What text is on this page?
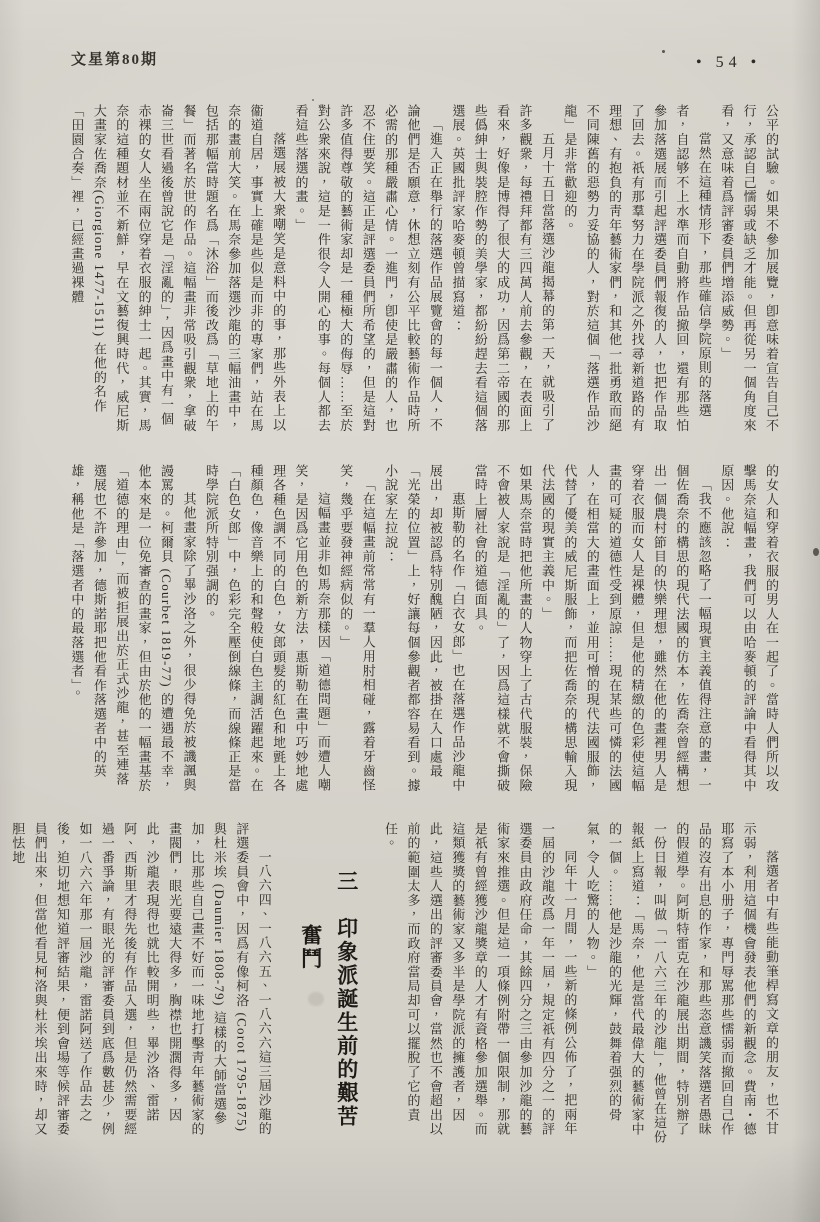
文星第80期	• 54 •

公平的試驗。如果不參加展覽，卽意味着宣告自己不行，承認自己懦弱或缺乏才能。但再從另一個角度來看，又意味着爲評審委員們增添威勢。」

當然在這種情形下，那些確信學院原則的落選者，自認够不上水準而自動將作品撤回，還有那些怕參加落選展而引起評選委員們報復的人，也把作品取了回去。祇有那羣努力在學院派之外找尋新道路的有理想、有抱負的靑年藝術家們，和其他一批勇敢而絕不同陳舊的惡勢力妥協的人，對於這個「落選作品沙龍」是非常歡迎的。

五月十五日當落選沙龍揭幕的第一天，就吸引了許多觀衆，每禮拜都有三四萬人前去參觀，在表面上看來，好像是博得了很大的成功，因爲第二帝國的那些僞紳士與裝腔作勢的美學家，都紛紛趕去看這個落選展。英國批評家哈麥頓曾描寫道：

「進入正在舉行的落選作品展覽會的每一個人，不論他們是否願意，休想立刻有公平比較藝術作品時所必需的那種嚴肅心情。一進門，卽使是嚴肅的人，也忍不住要笑。這正是評選委員們所希望的，但是這對許多值得尊敬的藝術家却是一種極大的侮辱……至於對公衆來說，這是一件很令人開心的事。每個人都去看這些落選的畫。」

落選展被大衆嘲笑是意料中的事，那些外表上以衞道自居，事實上確是些似是而非的專家們，站在馬奈的畫前大笑。在馬奈參加落選沙龍的三幅油畫中，包括那幅當時題名爲「沐浴」而後改爲「草地上的午餐」而著名於世的作品。這幅畫非常吸引觀衆，拿破崙三世看過後曾說它是「淫亂的」，因爲畫中有一個赤裸的女人坐在兩位穿着衣服的紳士一起。其實，馬奈的這種題材並不新鮮，早在文藝復興時代，威尼斯大畫家佐喬奈(Giorgione 1477-1511) 在他的名作「田園合奏」裡，已經畫過裸體

的女人和穿着衣服的男人在一起了。當時人們所以攻擊馬奈這幅畫，我們可以由哈麥頓的評論中看得其中原因。他說：

「我不應該忽略了一幅現實主義值得注意的畫，一個佐喬奈的構思的現代法國的仿本，佐喬奈曾經構想出一個農村節目的快樂理想，雖然在他的畫裡男人是穿着衣服而女人是裸體，但是他的精緻的色彩使這幅畫的可疑的道德性受到原諒……現在某些可憐的法國人，在相當大的畫面上，並用可憎的現代法國服飾，代替了優美的威尼斯服飾，而把佐喬奈的構思輸入現代法國的現實主義中。」

如果馬奈當時把他所畫的人物穿上了古代服裝，保險不會被人家說是「淫亂的」了，因爲這樣就不會撕破當時上層社會的道德面具。

惠斯勒的名作「白衣女郎」也在落選作品沙龍中展出，却被認爲特別醜陋，因此，被掛在入口處最「光榮的位置」上，好讓每個參觀者都容易看到。據小說家左拉說：

「在這幅畫前常常有一羣人用肘相碰，露着牙齒怪笑，幾乎要發神經病似的。」

這幅畫並非如馬奈那樣因「道德問題」而遭人嘲笑，是因爲它用色的新方法，惠斯勒在畫中巧妙地處理各種色調不同的白色，女郎頭髮的紅色和地氈上各種顏色，像音樂上的和聲般使白色主調活躍起來。在「白色女郎」中，色彩完全壓倒線條，而線條正是當時學院派所特別强調的。

其他畫家除了畢沙洛之外，很少得免於被譏諷與謾罵的。柯爾貝 (Courbet 1819-77) 的遭遇最不幸，他本來是一位免審查的畫家，但由於他的一幅畫基於「道德的理由」，而被拒展出於正式沙龍，甚至連落選展也不許參加，德斯諾耶把他看作落選者中的英雄，稱他是「落選者中的最落選者」。

落選者中有些能動筆桿寫文章的朋友，也不甘示弱，利用這個機會發表他們的新觀念。費南・德耶寫了本小册子，專門辱駡那些懦弱而撤回自己作品的沒有出息的作家，和那些恣意譏笑落選者愚昧的假道學。阿斯特雷克在沙龍展出期間，特別辦了一份日報，叫做「一八六三年的沙龍」，他曾在這份報紙上寫道：「馬奈，他是當代最偉大的藝術家中的一個。……他是沙龍的光輝，鼓舞着强烈的骨氣，令人吃驚的人物。」

同年十一月間，一些新的條例公佈了，把兩年一屆的沙龍改爲一年一屆，規定祇有四分之一的評選委員由政府任命，其餘四分之三由參加沙龍的藝術家來推選。但是這一項條例附帶一個限制，那就是祇有曾經獲沙龍獎章的人才有資格參加選舉。而這類獲獎的藝術家又多半是學院派的擁護者，因此，這些人選出的評審委員會，當然也不會超出以前的範圍太多，而政府當局却可以擺脫了它的責任。

三　印象派誕生前的艱苦
奮鬥

一八六四、一八六五、一八六六這三屆沙龍的評選委員會中，因爲有像柯洛 (Corot 1795-1875) 與杜米埃 (Daumier 1808-79) 這樣的大師當選參加，比那些自己畫不好而一味地打擊靑年藝術家的畫閥們，眼光要遠大得多，胸襟也開濶得多，因此，沙龍表現得也就比較開明些，畢沙洛、雷諾阿、西斯里才得先後有作品入選，但是仍然需要經過一番爭論，有眼光的評審委員到底爲數甚少，例如一八六六年那一屆沙龍，雷諾阿送了作品去之後，迫切地想知道評審結果，便到會場等候評審委員們出來，但當他看見柯洛與杜米埃出來時，却又胆怯地
